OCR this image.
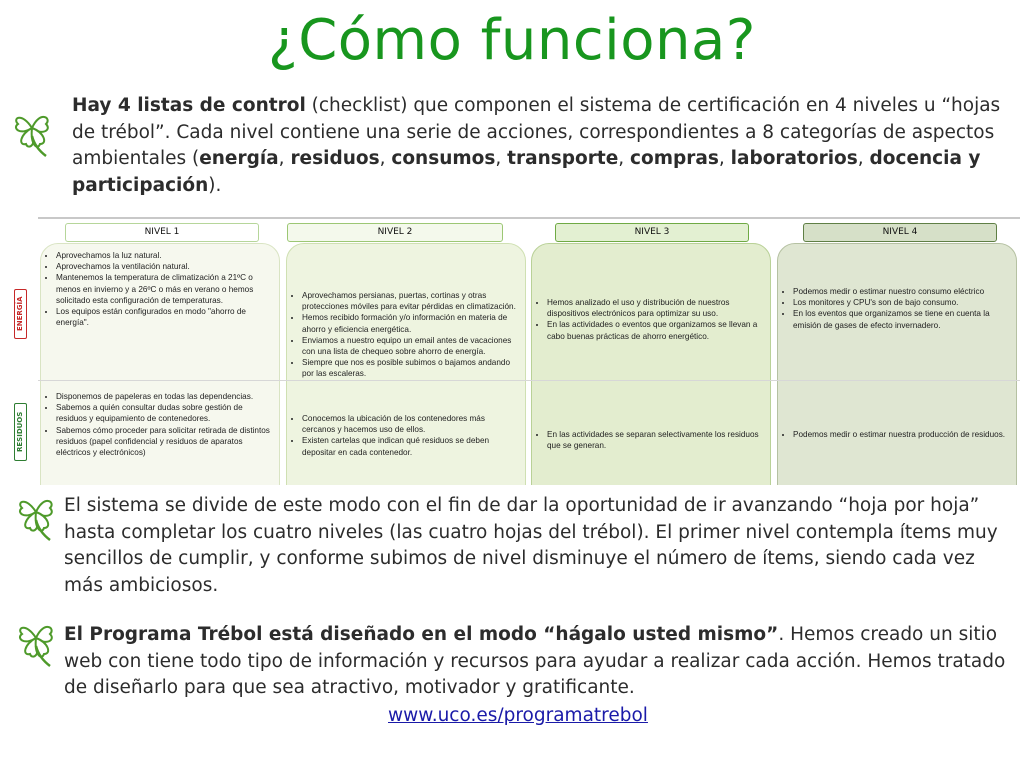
¿Cómo funciona?

Hay 4 listas de control (checklist) que componen el sistema de certificación en 4 niveles u “hojas de trébol”. Cada nivel contiene una serie de acciones, correspondientes a 8 categorías de aspectos ambientales (energía, residuos, consumos, transporte, compras, laboratorios, docencia y participación).

NIVEL 1
• Aprovechamos la luz natural.
• Aprovechamos la ventilación natural.
• Mantenemos la temperatura de climatización a 21ºC o menos en invierno y a 26ºC o más en verano o hemos solicitado esta configuración de temperaturas.
• Los equipos están configurados en modo "ahorro de energía".
• Disponemos de papeleras en todas las dependencias.
• Sabemos a quién consultar dudas sobre gestión de residuos y equipamiento de contenedores.
• Sabemos cómo proceder para solicitar retirada de distintos residuos (papel confidencial y residuos de aparatos eléctricos y electrónicos)
NIVEL 2
• Aprovechamos persianas, puertas, cortinas y otras protecciones móviles para evitar pérdidas en climatización.
• Hemos recibido formación y/o información en materia de ahorro y eficiencia energética.
• Enviamos a nuestro equipo un email antes de vacaciones con una lista de chequeo sobre ahorro de energía.
• Siempre que nos es posible subimos o bajamos andando por las escaleras.
• Conocemos la ubicación de los contenedores más cercanos y hacemos uso de ellos.
• Existen cartelas que indican qué residuos se deben depositar en cada contenedor.
NIVEL 3
• Hemos analizado el uso y distribución de nuestros dispositivos electrónicos para optimizar su uso.
• En las actividades o eventos que organizamos se llevan a cabo buenas prácticas de ahorro energético.
• En las actividades se separan selectivamente los residuos que se generan.
NIVEL 4
• Podemos medir o estimar nuestro consumo eléctrico
• Los monitores y CPU's son de bajo consumo.
• En los eventos que organizamos se tiene en cuenta la emisión de gases de efecto invernadero.
• Podemos medir o estimar nuestra producción de residuos.
ENERGÍA
RESIDUOS

El sistema se divide de este modo con el fin de dar la oportunidad de ir avanzando “hoja por hoja” hasta completar los cuatro niveles (las cuatro hojas del trébol). El primer nivel contempla ítems muy sencillos de cumplir, y conforme subimos de nivel disminuye el número de ítems, siendo cada vez más ambiciosos.

El Programa Trébol está diseñado en el modo “hágalo usted mismo”. Hemos creado un sitio web con tiene todo tipo de información y recursos para ayudar a realizar cada acción. Hemos tratado de diseñarlo para que sea atractivo, motivador y gratificante.

www.uco.es/programatrebol
